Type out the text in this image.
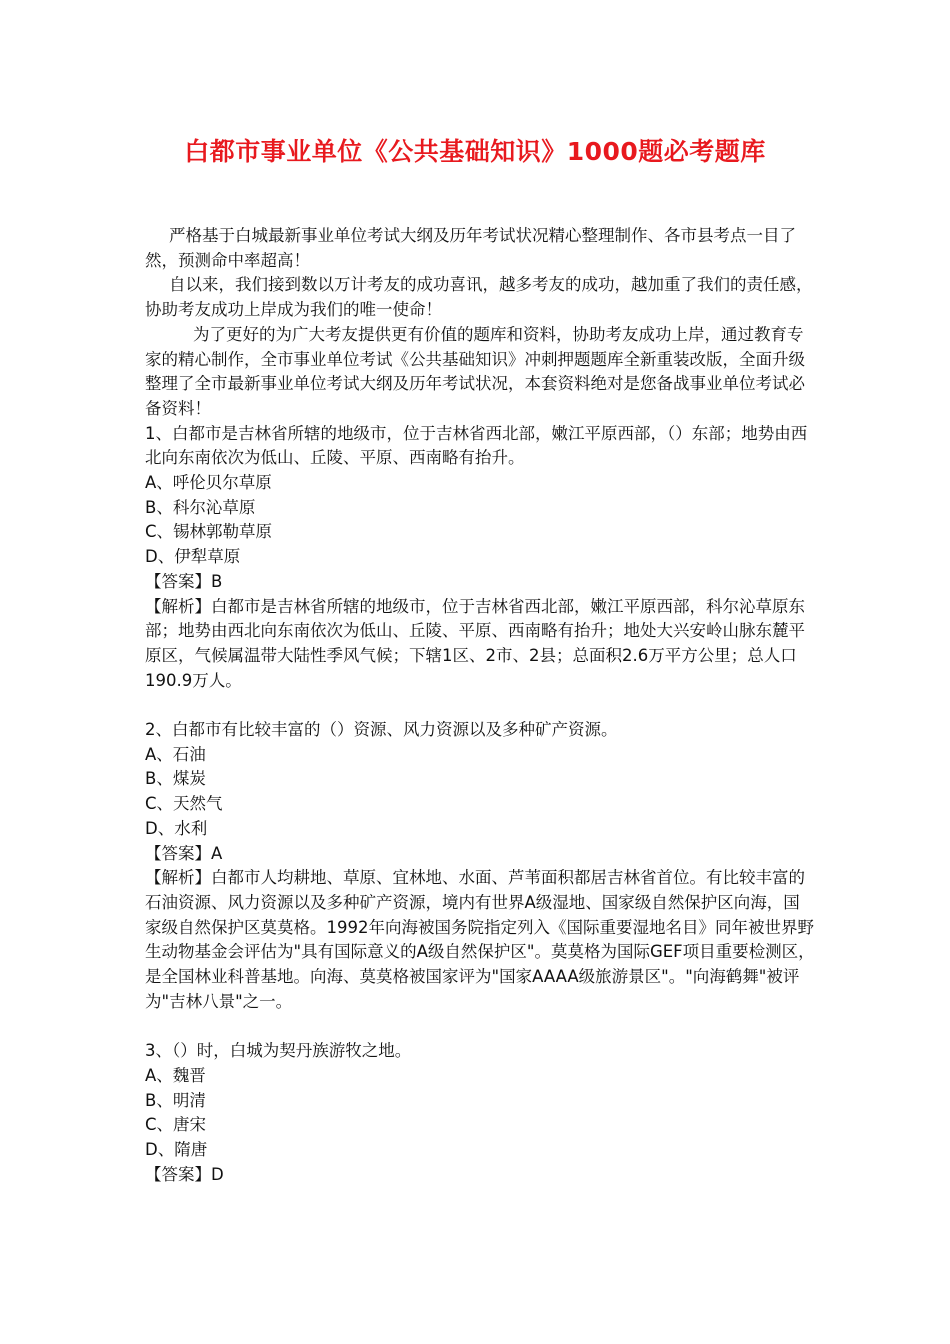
白都市事业单位《公共基础知识》1000题必考题库

严格基于白城最新事业单位考试大纲及历年考试状况精心整理制作、各市县考点一目了然，预测命中率超高！

自以来，我们接到数以万计考友的成功喜讯，越多考友的成功，越加重了我们的责任感，协助考友成功上岸成为我们的唯一使命！

为了更好的为广大考友提供更有价值的题库和资料，协助考友成功上岸，通过教育专家的精心制作，全市事业单位考试《公共基础知识》冲刺押题题库全新重装改版，全面升级整理了全市最新事业单位考试大纲及历年考试状况，本套资料绝对是您备战事业单位考试必备资料！

1、白都市是吉林省所辖的地级市，位于吉林省西北部，嫩江平原西部，（）东部；地势由西北向东南依次为低山、丘陵、平原、西南略有抬升。

A、呼伦贝尔草原

B、科尔沁草原

C、锡林郭勒草原

D、伊犁草原

【答案】B

【解析】白都市是吉林省所辖的地级市，位于吉林省西北部，嫩江平原西部，科尔沁草原东部；地势由西北向东南依次为低山、丘陵、平原、西南略有抬升；地处大兴安岭山脉东麓平原区，气候属温带大陆性季风气候；下辖1区、2市、2县；总面积2.6万平方公里；总人口190.9万人。

2、白都市有比较丰富的（）资源、风力资源以及多种矿产资源。

A、石油

B、煤炭

C、天然气

D、水利

【答案】A

【解析】白都市人均耕地、草原、宜林地、水面、芦苇面积都居吉林省首位。有比较丰富的石油资源、风力资源以及多种矿产资源，境内有世界A级湿地、国家级自然保护区向海，国家级自然保护区莫莫格。1992年向海被国务院指定列入《国际重要湿地名目》同年被世界野生动物基金会评估为"具有国际意义的A级自然保护区"。莫莫格为国际GEF项目重要检测区，是全国林业科普基地。向海、莫莫格被国家评为"国家AAAA级旅游景区"。"向海鹤舞"被评为"吉林八景"之一。

3、（）时，白城为契丹族游牧之地。

A、魏晋

B、明清

C、唐宋

D、隋唐

【答案】D
